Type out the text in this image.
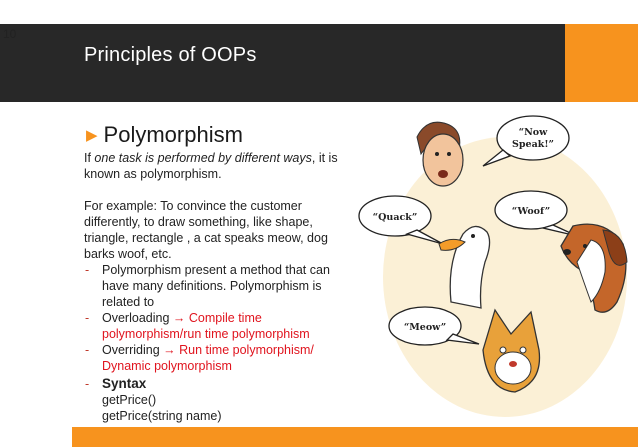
10
Principles of OOPs
▶ Polymorphism

If one task is performed by different ways, it is known as polymorphism.

For example: To convince the customer differently, to draw something, like shape, triangle, rectangle , a cat speaks meow, dog barks woof, etc.

- Polymorphism present a method that can have many definitions. Polymorphism is related to
- Overloading → Compile time polymorphism/run time polymorphism
- Overriding → Run time polymorphism/ Dynamic polymorphism
- Syntax
getPrice()
getPrice(string name)
“Now
Speak!”
“Quack”
“Woof”
“Meow”
